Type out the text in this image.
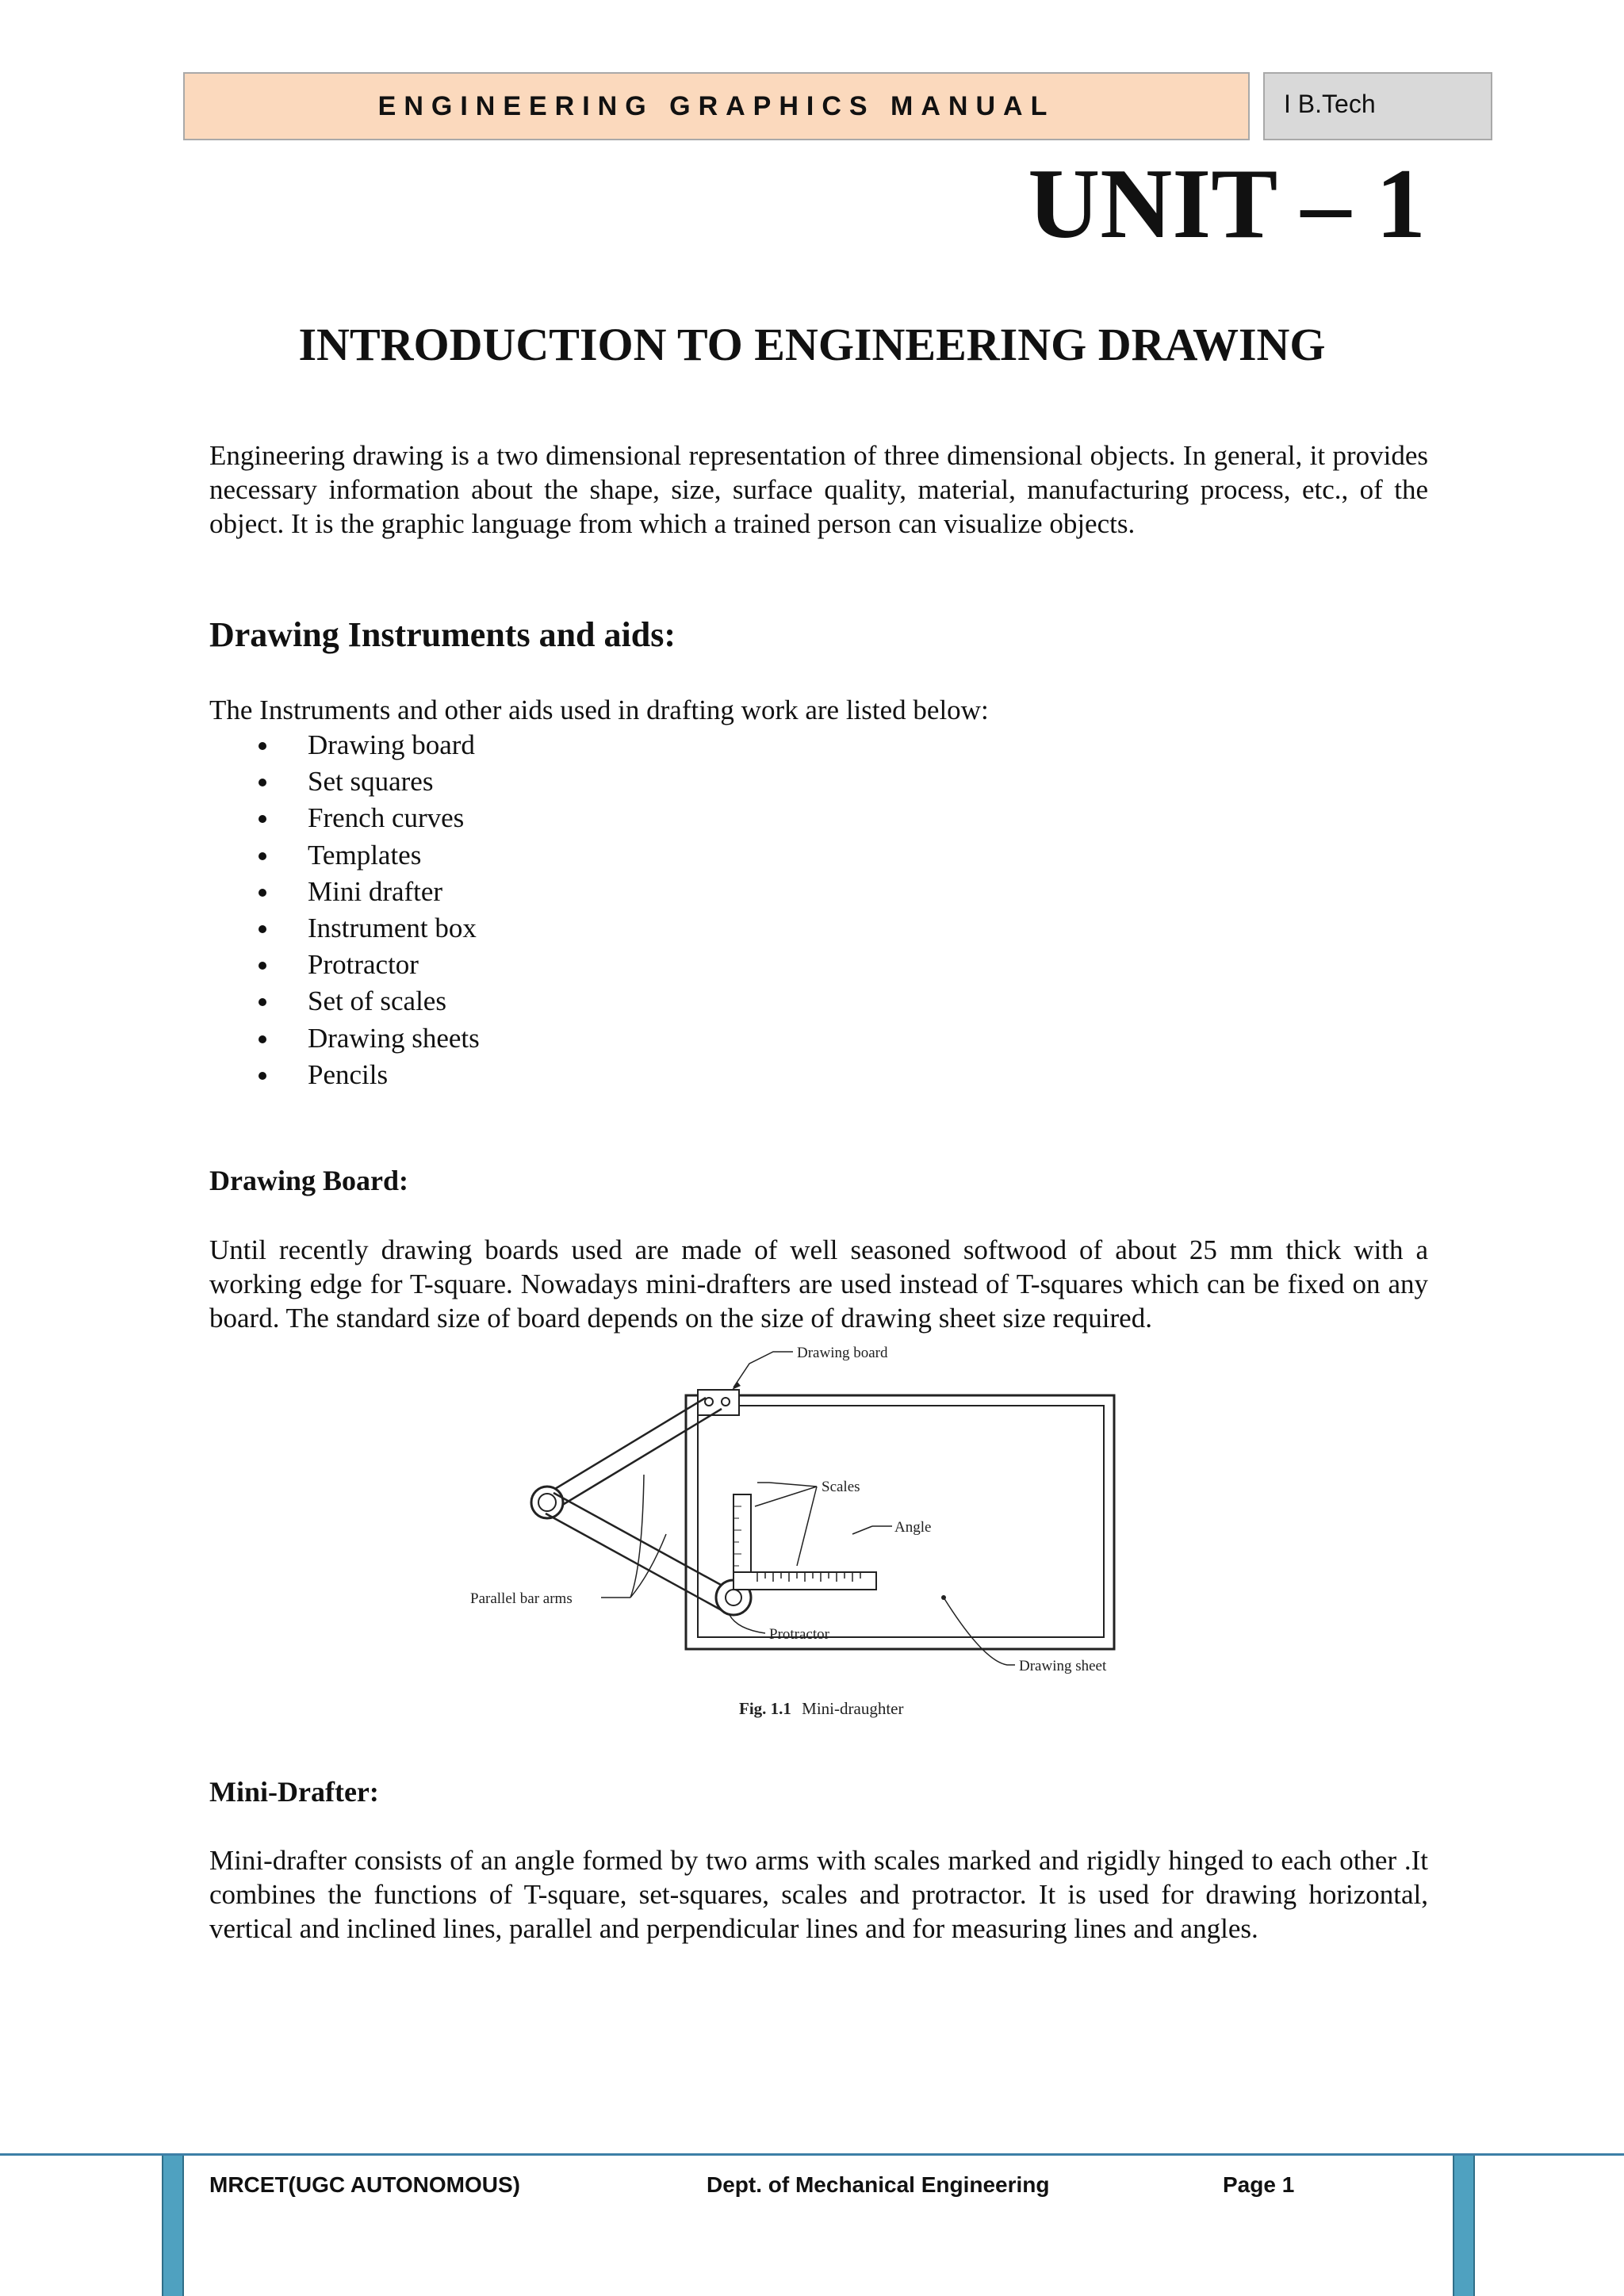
ENGINEERING GRAPHICS MANUAL	I B.Tech
UNIT – 1
INTRODUCTION TO ENGINEERING DRAWING

Engineering drawing is a two dimensional representation of three dimensional objects. In general, it provides necessary information about the shape, size, surface quality, material, manufacturing process, etc., of the object. It is the graphic language from which a trained person can visualize objects.

Drawing Instruments and aids:

The Instruments and other aids used in drafting work are listed below:

Drawing board
Set squares
French curves
Templates
Mini drafter
Instrument box
Protractor
Set of scales
Drawing sheets
Pencils
Drawing Board:

Until recently drawing boards used are made of well seasoned softwood of about 25 mm thick with a working edge for T-square. Nowadays mini-drafters are used instead of T-squares which can be fixed on any board. The standard size of board depends on the size of drawing sheet size required.

Drawing board
Scales
Angle
Parallel bar arms
Protractor
Drawing sheet
Fig. 1.1 Mini-draughter
Mini-Drafter:

Mini-drafter consists of an angle formed by two arms with scales marked and rigidly hinged to each other .It combines the functions of T-square, set-squares, scales and protractor. It is used for drawing horizontal, vertical and inclined lines, parallel and perpendicular lines and for measuring lines and angles.

MRCET(UGC AUTONOMOUS)	Dept. of Mechanical Engineering	Page 1
